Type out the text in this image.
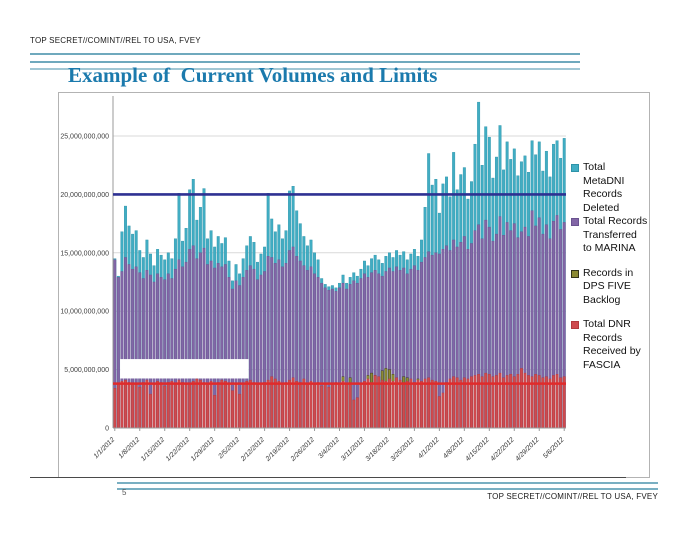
TOP SECRET//COMINT//REL TO USA, FVEY
Example of  Current Volumes and Limits
0
5,000,000,000
10,000,000,000
15,000,000,000
20,000,000,000
25,000,000,000
1/1/2012 1/8/2012
1/15/2012
1/22/2012
1/29/2012 2/5/2012
2/12/2012
2/19/2012
2/26/2012 3/4/2012
3/11/2012
3/18/2012
3/25/2012 4/1/2012 4/8/2012
4/15/2012
4/22/2012
4/29/2012 5/6/2012
Total
MetaDNI
Records
Deleted
Total Records
Transferred
to MARINA
Records in
DPS FIVE
Backlog
Total DNR
Records
Received by
FASCIA
5	TOP SECRET//COMINT//REL TO USA, FVEY
